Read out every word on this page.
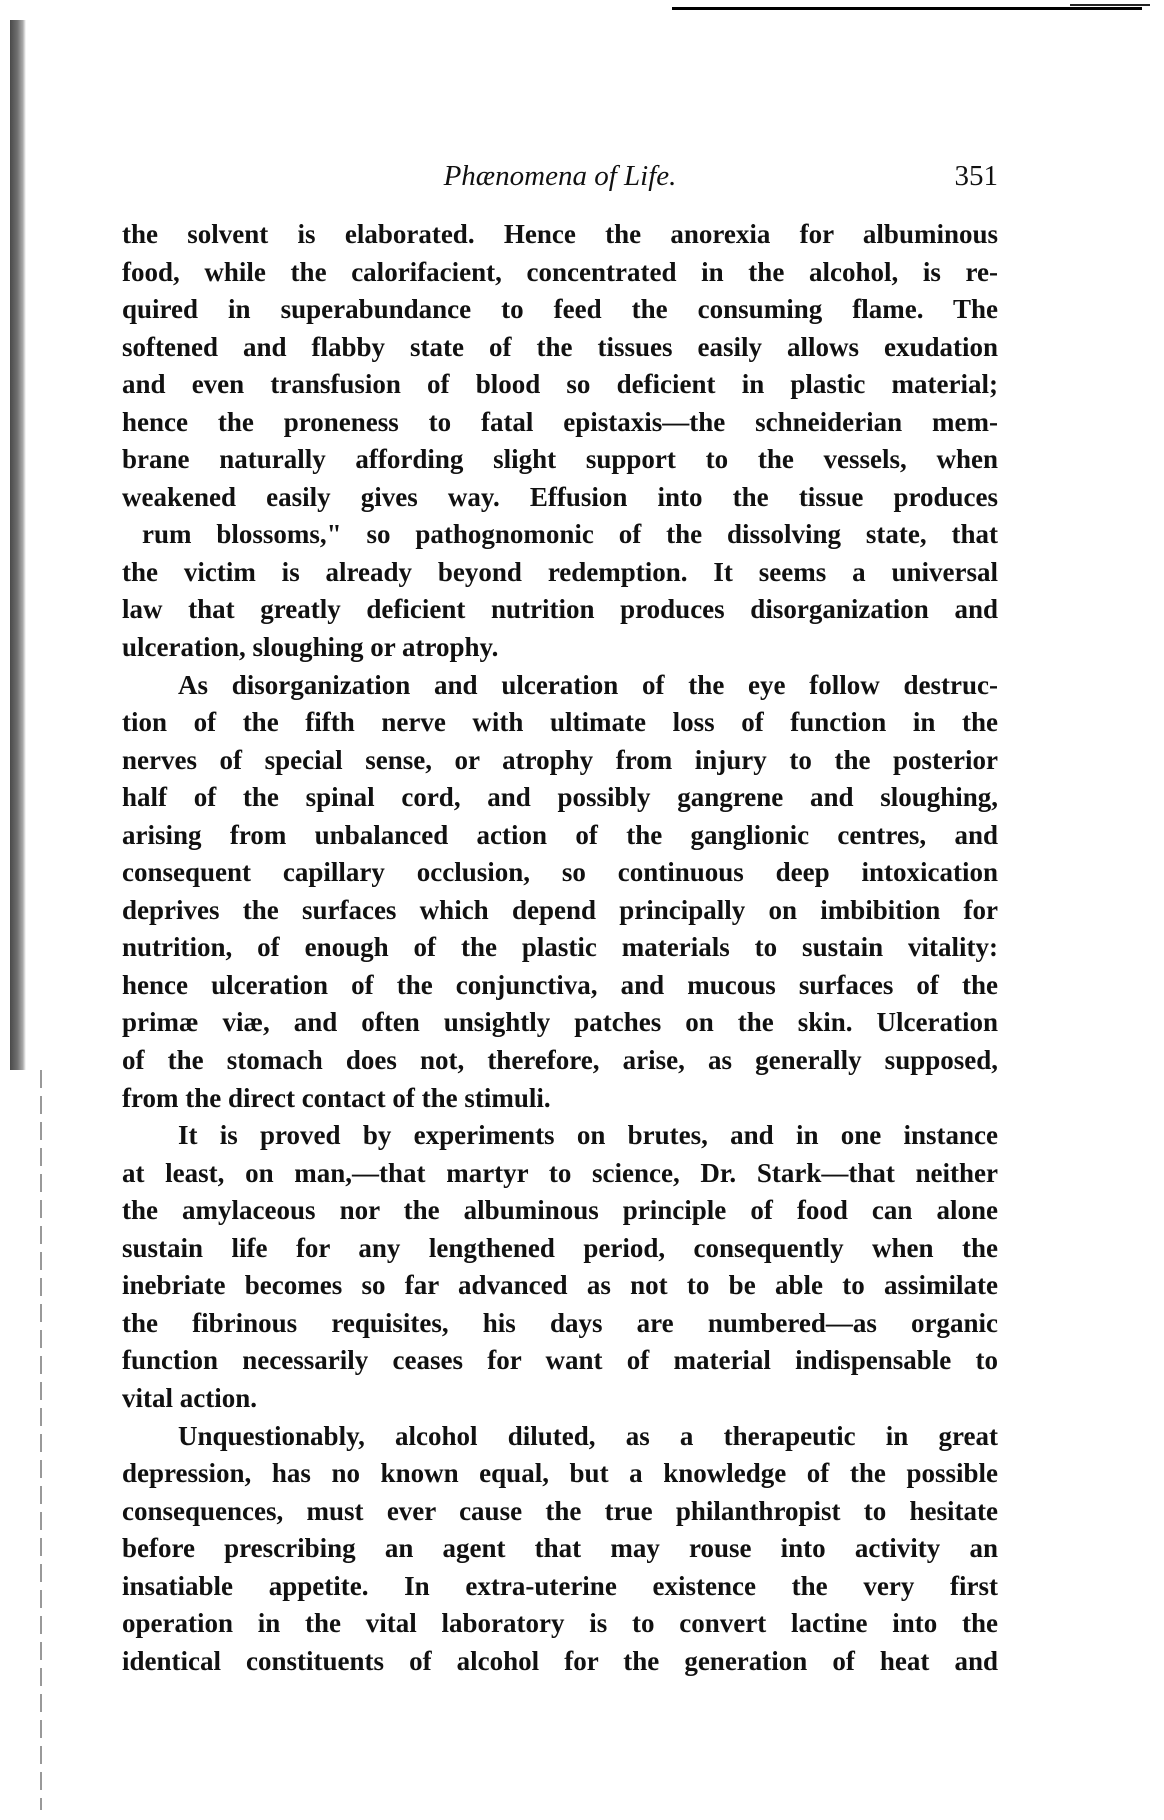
Phænomena of Life.	351

the solvent is elaborated. Hence the anorexia for albuminous

food, while the calorifacient, concentrated in the alcohol, is re-

quired in superabundance to feed the consuming flame. The

softened and flabby state of the tissues easily allows exudation

and even transfusion of blood so deficient in plastic material;

hence the proneness to fatal epistaxis—the schneiderian mem-

brane naturally affording slight support to the vessels, when

weakened easily gives way. Effusion into the tissue produces

rum blossoms," so pathognomonic of the dissolving state, that

the victim is already beyond redemption. It seems a universal

law that greatly deficient nutrition produces disorganization and

ulceration, sloughing or atrophy.

As disorganization and ulceration of the eye follow destruc-

tion of the fifth nerve with ultimate loss of function in the

nerves of special sense, or atrophy from injury to the posterior

half of the spinal cord, and possibly gangrene and sloughing,

arising from unbalanced action of the ganglionic centres, and

consequent capillary occlusion, so continuous deep intoxication

deprives the surfaces which depend principally on imbibition for

nutrition, of enough of the plastic materials to sustain vitality:

hence ulceration of the conjunctiva, and mucous surfaces of the

primæ viæ, and often unsightly patches on the skin. Ulceration

of the stomach does not, therefore, arise, as generally supposed,

from the direct contact of the stimuli.

It is proved by experiments on brutes, and in one instance

at least, on man,—that martyr to science, Dr. Stark—that neither

the amylaceous nor the albuminous principle of food can alone

sustain life for any lengthened period, consequently when the

inebriate becomes so far advanced as not to be able to assimilate

the fibrinous requisites, his days are numbered—as organic

function necessarily ceases for want of material indispensable to

vital action.

Unquestionably, alcohol diluted, as a therapeutic in great

depression, has no known equal, but a knowledge of the possible

consequences, must ever cause the true philanthropist to hesitate

before prescribing an agent that may rouse into activity an

insatiable appetite. In extra-uterine existence the very first

operation in the vital laboratory is to convert lactine into the

identical constituents of alcohol for the generation of heat and
